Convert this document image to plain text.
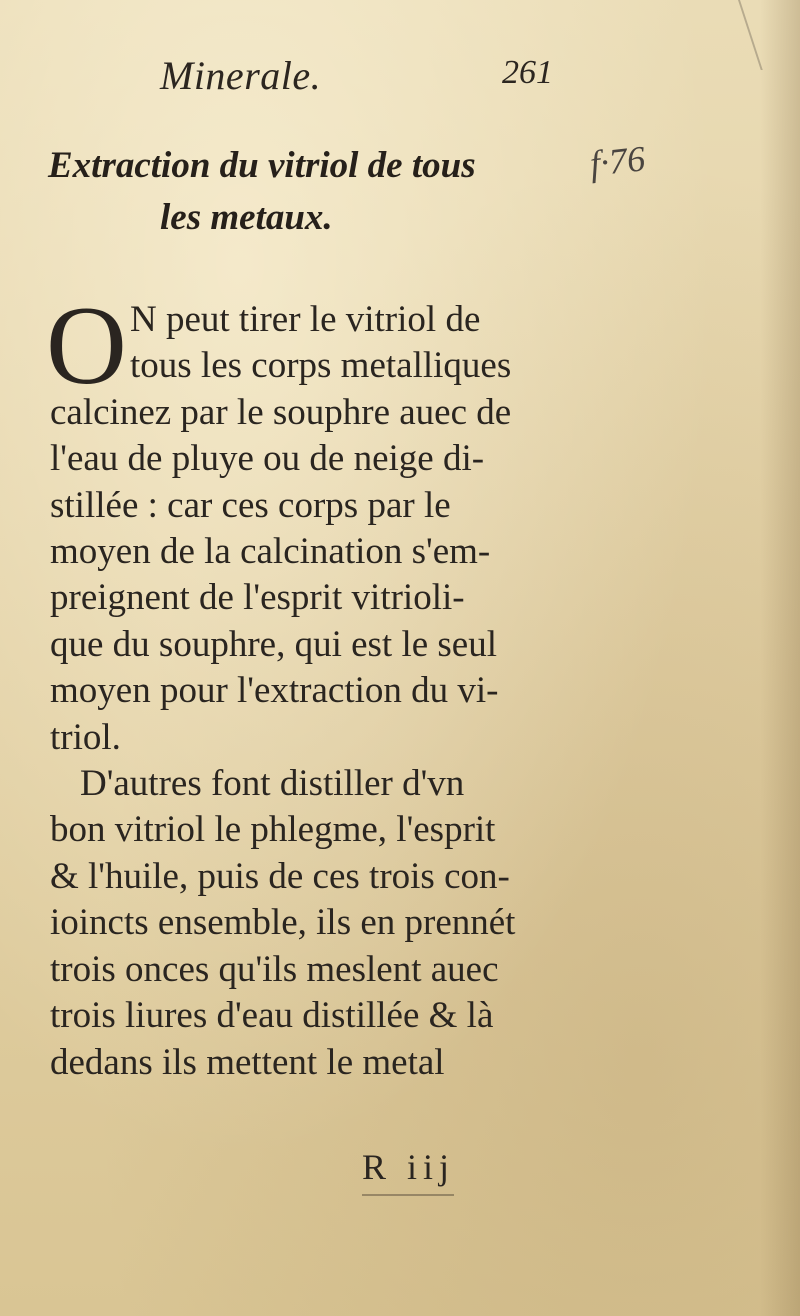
Minerale.	261
f·76
Extraction du vitriol de tous
les metaux.
O N peut tirer le vitriol de
tous les corps metalliques
calcinez par le souphre auec de
l'eau de pluye ou de neige di-
stillée : car ces corps par le
moyen de la calcination s'em-
preignent de l'esprit vitrioli-
que du souphre, qui est le seul
moyen pour l'extraction du vi-
triol.
D'autres font distiller d'vn
bon vitriol le phlegme, l'esprit
& l'huile, puis de ces trois con-
ioincts ensemble, ils en prennét
trois onces qu'ils meslent auec
trois liures d'eau distillée & là
dedans ils mettent le metal
R iij
